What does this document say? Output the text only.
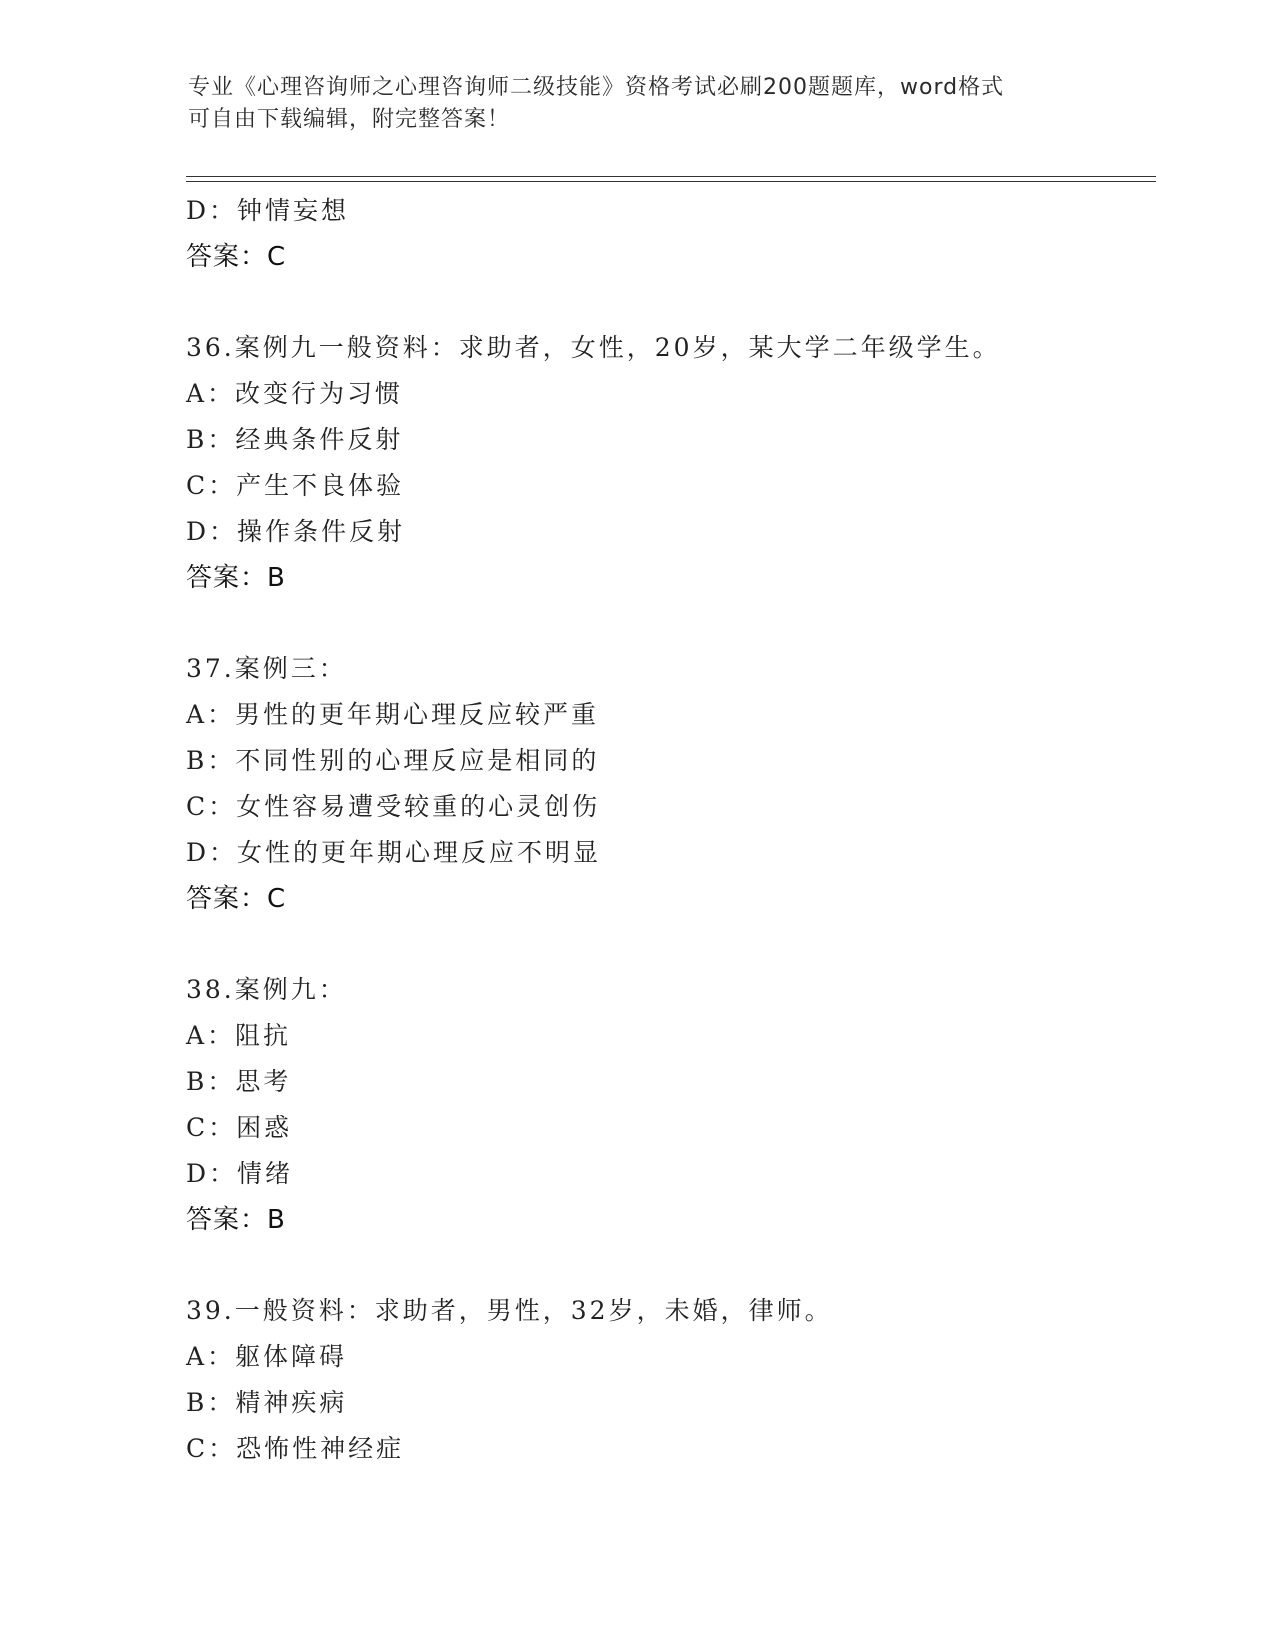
专业《心理咨询师之心理咨询师二级技能》资格考试必刷200题题库，word格式
可自由下载编辑，附完整答案！
D：钟情妄想
答案：C
36.案例九一般资料：求助者，女性，20岁，某大学二年级学生。
A：改变行为习惯
B：经典条件反射
C：产生不良体验
D：操作条件反射
答案：B
37.案例三：
A：男性的更年期心理反应较严重
B：不同性别的心理反应是相同的
C：女性容易遭受较重的心灵创伤
D：女性的更年期心理反应不明显
答案：C
38.案例九：
A：阻抗
B：思考
C：困惑
D：情绪
答案：B
39.一般资料：求助者，男性，32岁，未婚，律师。
A：躯体障碍
B：精神疾病
C：恐怖性神经症
